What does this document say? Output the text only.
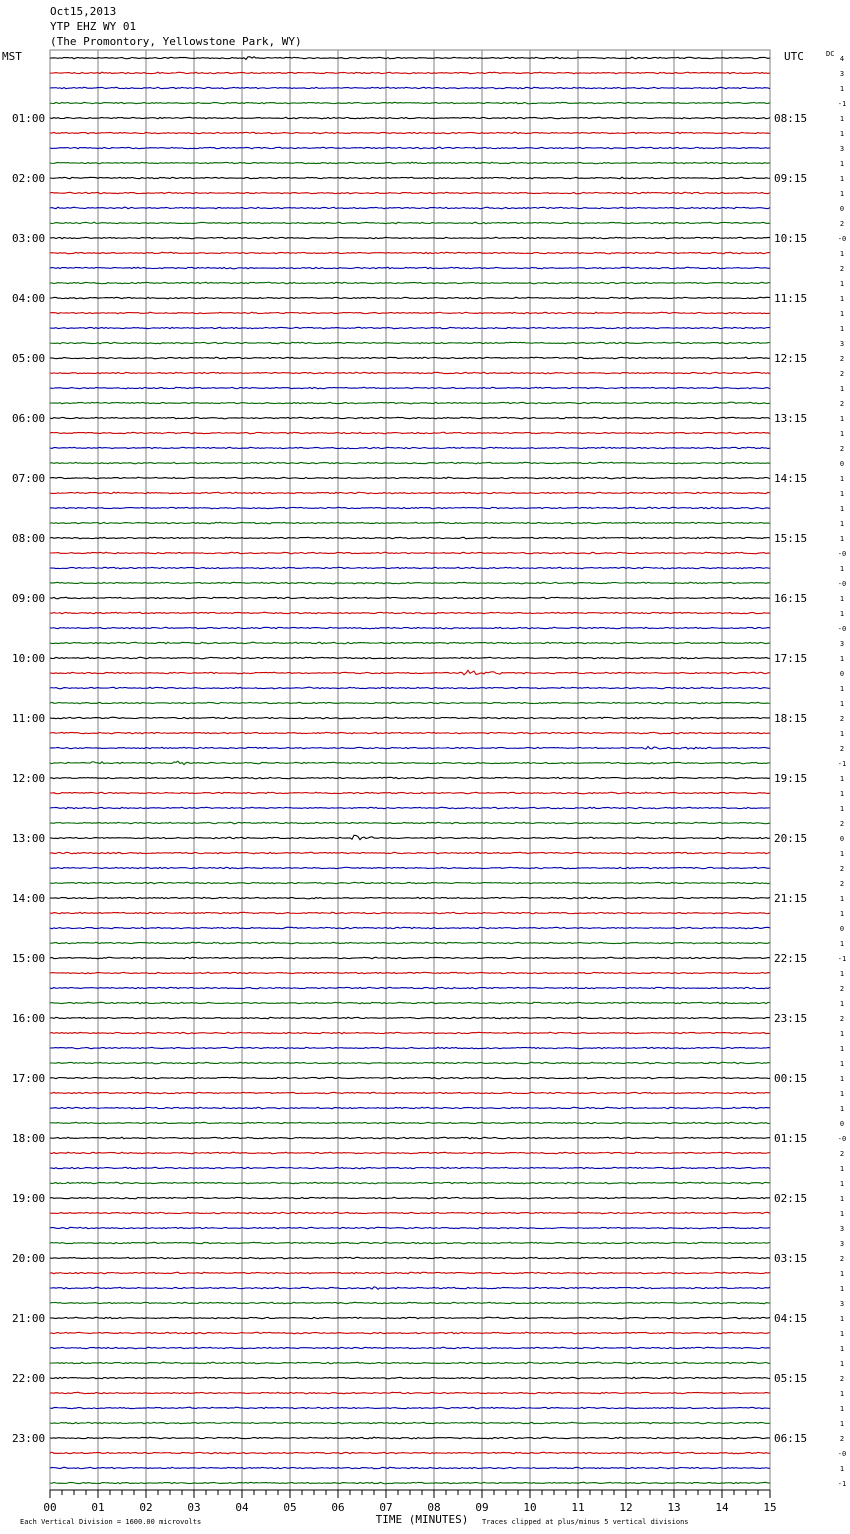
Oct15,2013
YTP EHZ WY 01
(The Promontory, Yellowstone Park, WY)
4
3
1
-1
1
1
3
1
1
1
0
2
-0
1
2
1
1
1
1
3
2
2
1
2
1
1
2
0
1
1
1
1
1
-0
1
-0
1
1
-0
3
1
0
1
1
2
1
2
-1
1
1
1
2
0
1
2
2
1
1
0
1
-1
1
2
1
2
1
1
1
1
1
1
0
-0
2
1
1
1
1
3
3
2
1
1
3
1
1
1
1
2
1
1
1
2
-0
1
-1
MST	UTC	DC
01:00
02:00
03:00
04:00
05:00
06:00
07:00
08:00
09:00
10:00
11:00
12:00
13:00
14:00
15:00
16:00
17:00
18:00
19:00
20:00
21:00
22:00
23:00
08:15
09:15
10:15
11:15
12:15
13:15
14:15
15:15
16:15
17:15
18:15
19:15
20:15
21:15
22:15
23:15
00:15
01:15
02:15
03:15
04:15
05:15
06:15
00	01	02	03	04	05	06	07	08	09	10	11	12	13	14	15
TIME (MINUTES)
Each Vertical Division = 1600.00 microvolts	Traces clipped at plus/minus 5 vertical divisions
